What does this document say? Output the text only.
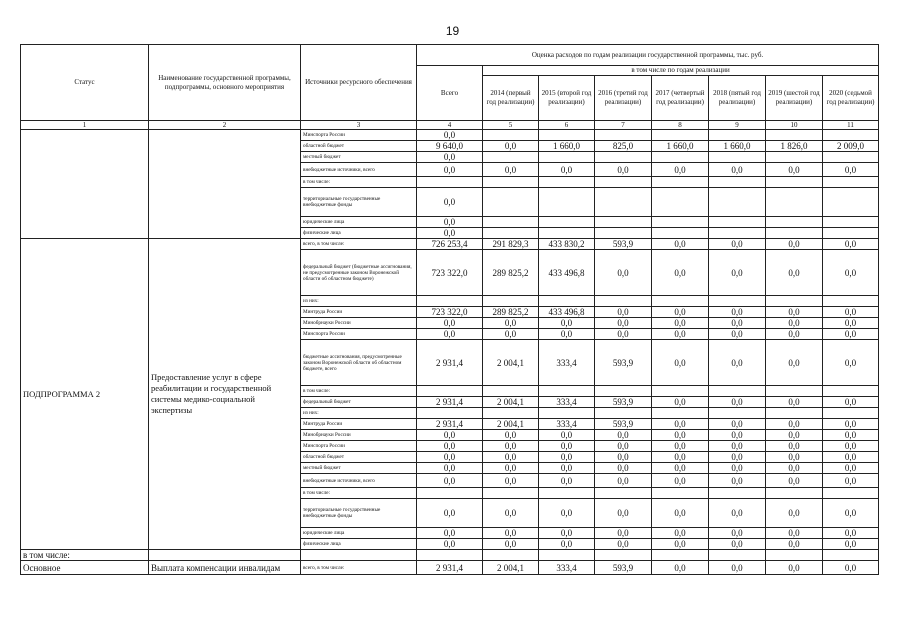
19
Статус	Наименование государственной программы, подпрограммы, основного мероприятия	Источники ресурсного обеспечения	Оценка расходов по годам реализации государственной программы, тыс. руб.							
			Всего	в том числе по годам реализации						
				2014 (первый год реализации)	2015 (второй год реализации)	2016 (третий год реализации)	2017 (четвертый год реализации)	2018 (пятый год реализации)	2019 (шестой год реализации)	2020 (седьмой год реализации)
1	2	3	4	5	6	7	8	9	10	11
		Минспорта России	0,0							
		областной бюджет	9 640,0	0,0	1 660,0	825,0	1 660,0	1 660,0	1 826,0	2 009,0
		местный бюджет	0,0							
		внебюджетные источники, всего	0,0	0,0	0,0	0,0	0,0	0,0	0,0	0,0
		в том числе:								
		территориальные государственные внебюджетные фонды	0,0							
		юридические лица	0,0							
		физические лица	0,0							
ПОДПРОГРАММА 2	Предоставление услуг в сфере реабилитации и государственной системы медико-социальной экспертизы	всего, в том числе:	726 253,4	291 829,3	433 830,2	593,9	0,0	0,0	0,0	0,0
		федеральный бюджет (бюджетные ассигнования, не предусмотренные законом Воронежской области об областном бюджете)	723 322,0	289 825,2	433 496,8	0,0	0,0	0,0	0,0	0,0
		из них:								
		Минтруда России	723 322,0	289 825,2	433 496,8	0,0	0,0	0,0	0,0	0,0
		Минобрнауки России	0,0	0,0	0,0	0,0	0,0	0,0	0,0	0,0
		Минспорта России	0,0	0,0	0,0	0,0	0,0	0,0	0,0	0,0
		бюджетные ассигнования, предусмотренные законом Воронежской области об областном бюджете, всего	2 931,4	2 004,1	333,4	593,9	0,0	0,0	0,0	0,0
		в том числе:								
		федеральный бюджет	2 931,4	2 004,1	333,4	593,9	0,0	0,0	0,0	0,0
		из них:								
		Минтруда России	2 931,4	2 004,1	333,4	593,9	0,0	0,0	0,0	0,0
		Минобрнауки России	0,0	0,0	0,0	0,0	0,0	0,0	0,0	0,0
		Минспорта России	0,0	0,0	0,0	0,0	0,0	0,0	0,0	0,0
		областной бюджет	0,0	0,0	0,0	0,0	0,0	0,0	0,0	0,0
		местный бюджет	0,0	0,0	0,0	0,0	0,0	0,0	0,0	0,0
		внебюджетные источники, всего	0,0	0,0	0,0	0,0	0,0	0,0	0,0	0,0
		в том числе:								
		территориальные государственные внебюджетные фонды	0,0	0,0	0,0	0,0	0,0	0,0	0,0	0,0
		юридические лица	0,0	0,0	0,0	0,0	0,0	0,0	0,0	0,0
		физические лица	0,0	0,0	0,0	0,0	0,0	0,0	0,0	0,0
в том числе:										
Основное	Выплата компенсации инвалидам	всего, в том числе:	2 931,4	2 004,1	333,4	593,9	0,0	0,0	0,0	0,0
